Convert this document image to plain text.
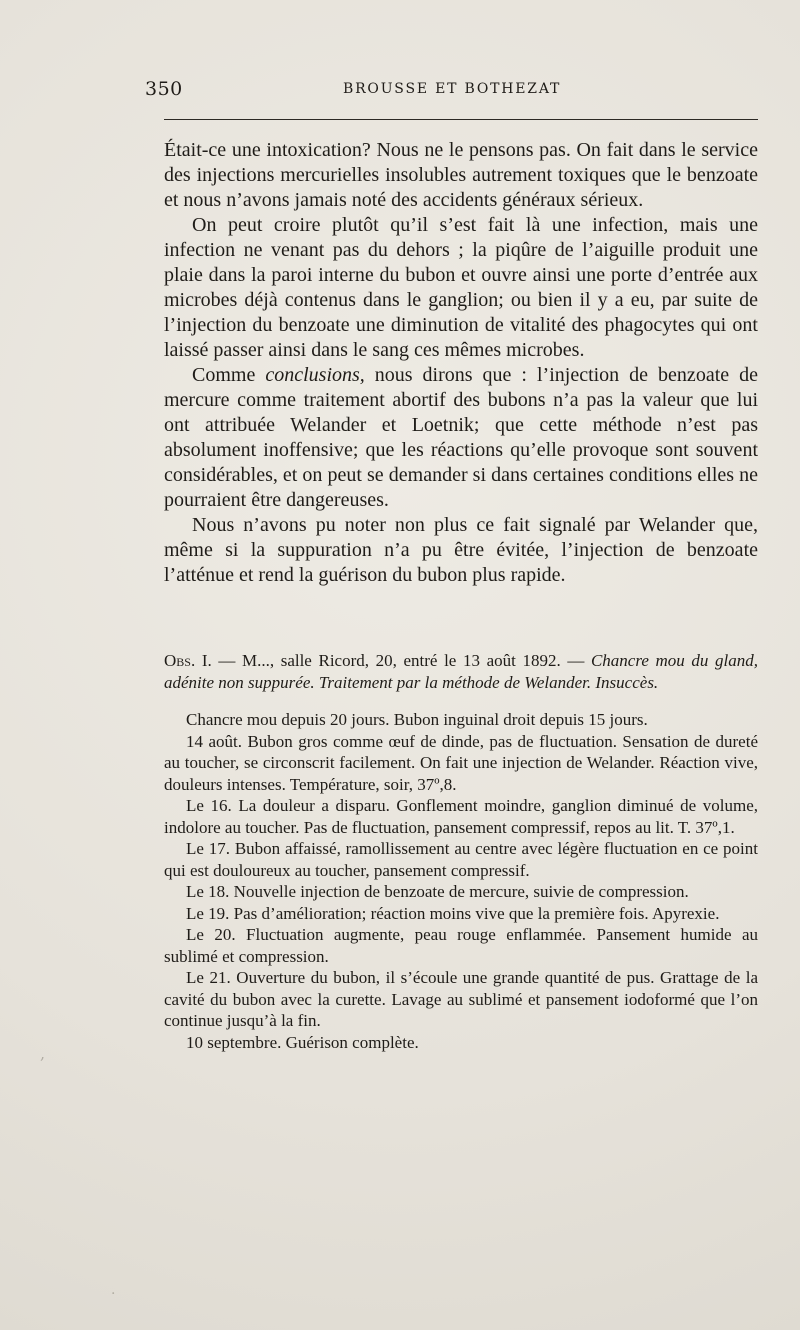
350	BROUSSE ET BOTHEZAT

Était-ce une intoxication? Nous ne le pensons pas. On fait dans le service des injections mercurielles insolubles autrement toxiques que le benzoate et nous n’avons jamais noté des accidents généraux sérieux.

On peut croire plutôt qu’il s’est fait là une infection, mais une infection ne venant pas du dehors ; la piqûre de l’aiguille produit une plaie dans la paroi interne du bubon et ouvre ainsi une porte d’entrée aux microbes déjà contenus dans le ganglion; ou bien il y a eu, par suite de l’injection du benzoate une diminution de vitalité des phagocytes qui ont laissé passer ainsi dans le sang ces mêmes microbes.

Comme conclusions, nous dirons que : l’injection de benzoate de mercure comme traitement abortif des bubons n’a pas la valeur que lui ont attribuée Welander et Loetnik; que cette méthode n’est pas absolument inoffensive; que les réactions qu’elle provoque sont souvent considérables, et on peut se demander si dans certaines conditions elles ne pourraient être dangereuses.

Nous n’avons pu noter non plus ce fait signalé par Welander que, même si la suppuration n’a pu être évitée, l’injection de benzoate l’atténue et rend la guérison du bubon plus rapide.

Obs. I. — M..., salle Ricord, 20, entré le 13 août 1892. — Chancre mou du gland, adénite non suppurée. Traitement par la méthode de Welander. Insuccès.

Chancre mou depuis 20 jours. Bubon inguinal droit depuis 15 jours.

14 août. Bubon gros comme œuf de dinde, pas de fluctuation. Sensation de dureté au toucher, se circonscrit facilement. On fait une injection de Welander. Réaction vive, douleurs intenses. Température, soir, 37º,8.

Le 16. La douleur a disparu. Gonflement moindre, ganglion diminué de volume, indolore au toucher. Pas de fluctuation, pansement compressif, repos au lit. T. 37º,1.

Le 17. Bubon affaissé, ramollissement au centre avec légère fluctuation en ce point qui est douloureux au toucher, pansement compressif.

Le 18. Nouvelle injection de benzoate de mercure, suivie de compression.

Le 19. Pas d’amélioration; réaction moins vive que la première fois. Apyrexie.

Le 20. Fluctuation augmente, peau rouge enflammée. Pansement humide au sublimé et compression.

Le 21. Ouverture du bubon, il s’écoule une grande quantité de pus. Grattage de la cavité du bubon avec la curette. Lavage au sublimé et pansement iodoformé que l’on continue jusqu’à la fin.

10 septembre. Guérison complète.

,
·
